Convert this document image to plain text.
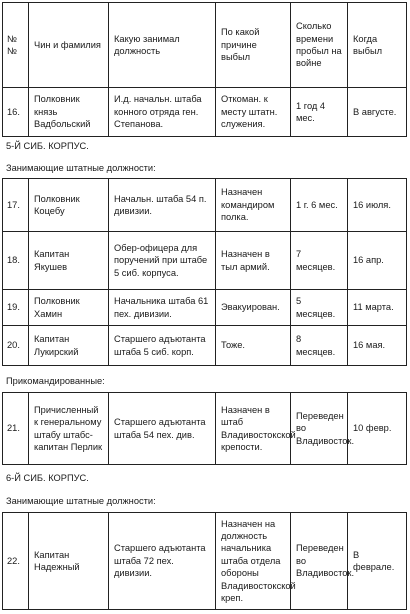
№№	Чин и фамилия	Какую занимал должность	По какой причине выбыл	Сколько времени пробыл на войне	Когда выбыл
16.	Полковник князь Вадбольский	И.д. начальн. штаба конного отряда ген. Степанова.	Откоман. к месту штатн. служения.	1 год 4 мес.	В августе.

5-Й СИБ. КОРПУС.

Занимающие штатные должности:

17.	Полковник Коцебу	Начальн. штаба 54 п. дивизии.	Назначен командиром полка.	1 г. 6 мес.	16 июля.
18.	Капитан Якушев	Обер-офицера для поручений при штабе 5 сиб. корпуса.	Назначен в тыл армий.	7 месяцев.	16 апр.
19.	Полковник Хамин	Начальника штаба 61 пех. дивизии.	Эвакуирован.	5 месяцев.	11 марта.
20.	Капитан Лукирский	Старшего адъютанта штаба 5 сиб. корп.	Тоже.	8 месяцев.	16 мая.

Прикомандированные:

21.	Причисленный к генеральному штабу штабс-капитан Перлик	Старшего адъютанта штаба 54 пех. див.	Назначен в штаб Владивостокской крепости.	Переведен во Владивосток.	10 февр.

6-Й СИБ. КОРПУС.

Занимающие штатные должности:

22.	Капитан Надежный	Старшего адъютанта штаба 72 пех. дивизии.	Назначен на должность начальника штаба отдела обороны Владивостокской креп.	Переведен во Владивосток.	В феврале.
